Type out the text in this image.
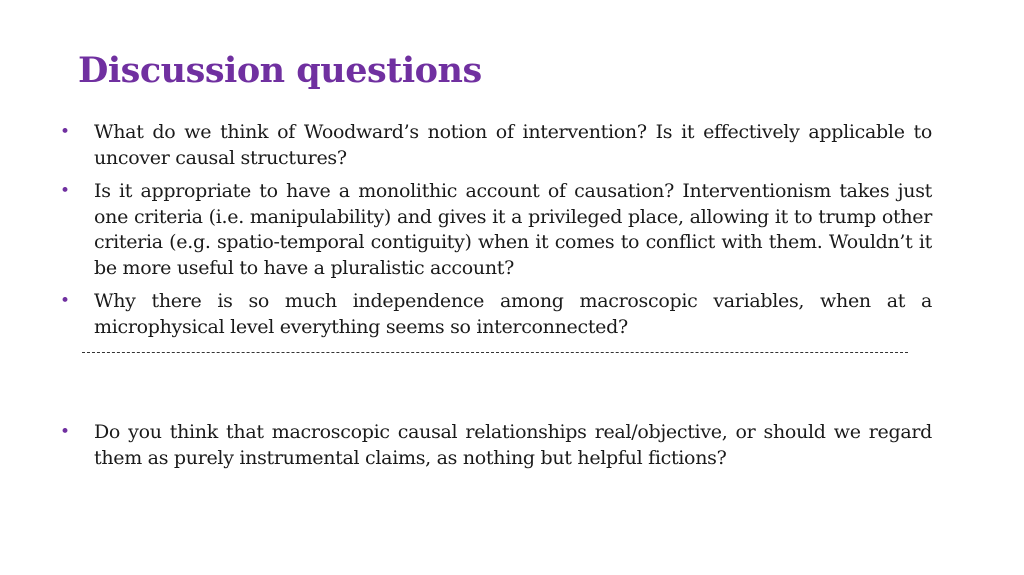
Discussion questions
• What do we think of Woodward’s notion of intervention? Is it effectively applicable to uncover causal structures?
• Is it appropriate to have a monolithic account of causation? Interventionism takes just one criteria (i.e. manipulability) and gives it a privileged place, allowing it to trump other criteria (e.g. spatio-temporal contiguity) when it comes to conflict with them. Wouldn’t it be more useful to have a pluralistic account?
• Why there is so much independence among macroscopic variables, when at a microphysical level everything seems so interconnected?
• Do you think that macroscopic causal relationships real/objective, or should we regard them as purely instrumental claims, as nothing but helpful fictions?
